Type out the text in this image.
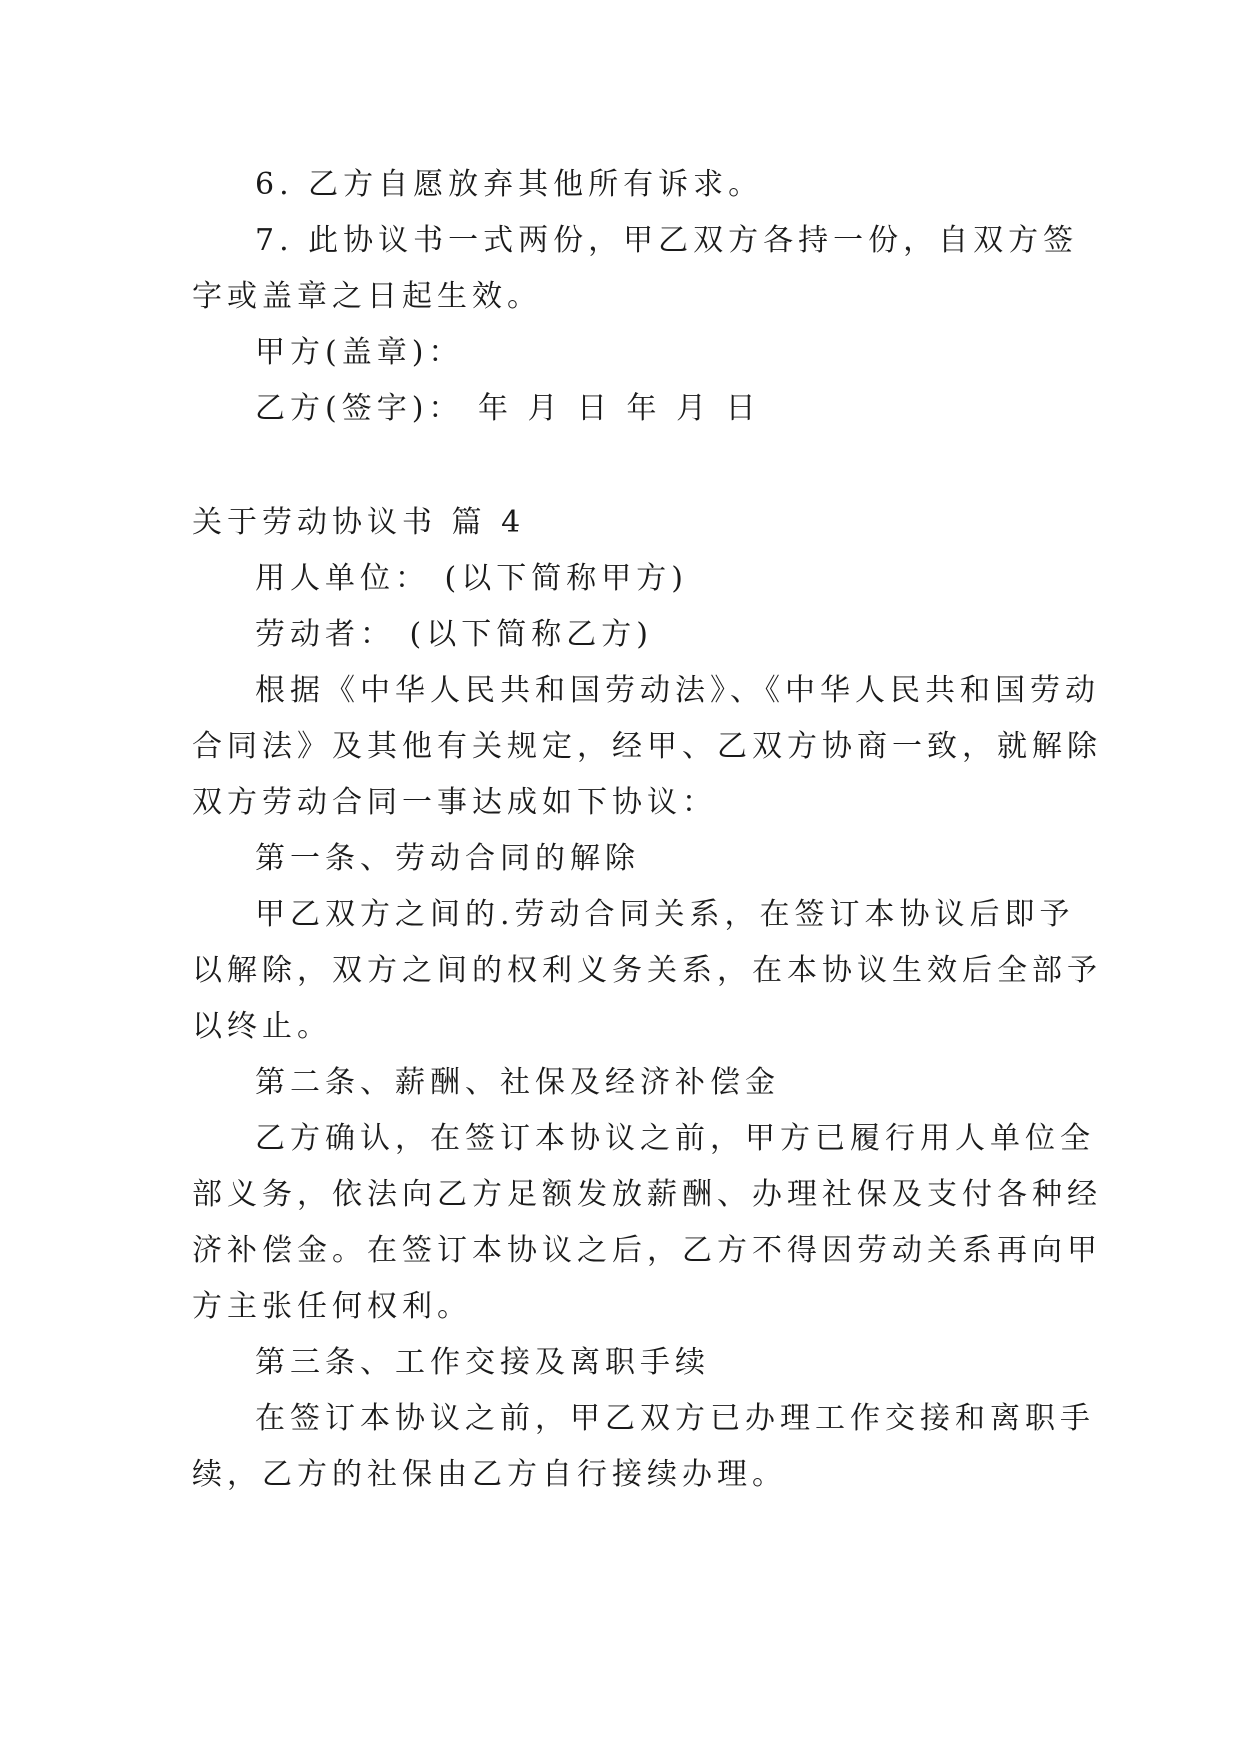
6. 乙方自愿放弃其他所有诉求。
7. 此协议书一式两份，甲乙双方各持一份，自双方签
字或盖章之日起生效。
甲方(盖章)：
乙方(签字)： 年 月 日 年 月 日
关于劳动协议书 篇 4
用人单位： (以下简称甲方)
劳动者： (以下简称乙方)
根据《中华人民共和国劳动法》、《中华人民共和国劳动
合同法》及其他有关规定，经甲、乙双方协商一致，就解除
双方劳动合同一事达成如下协议：
第一条、劳动合同的解除
甲乙双方之间的.劳动合同关系，在签订本协议后即予
以解除，双方之间的权利义务关系，在本协议生效后全部予
以终止。
第二条、薪酬、社保及经济补偿金
乙方确认，在签订本协议之前，甲方已履行用人单位全
部义务，依法向乙方足额发放薪酬、办理社保及支付各种经
济补偿金。在签订本协议之后，乙方不得因劳动关系再向甲
方主张任何权利。
第三条、工作交接及离职手续
在签订本协议之前，甲乙双方已办理工作交接和离职手
续，乙方的社保由乙方自行接续办理。
